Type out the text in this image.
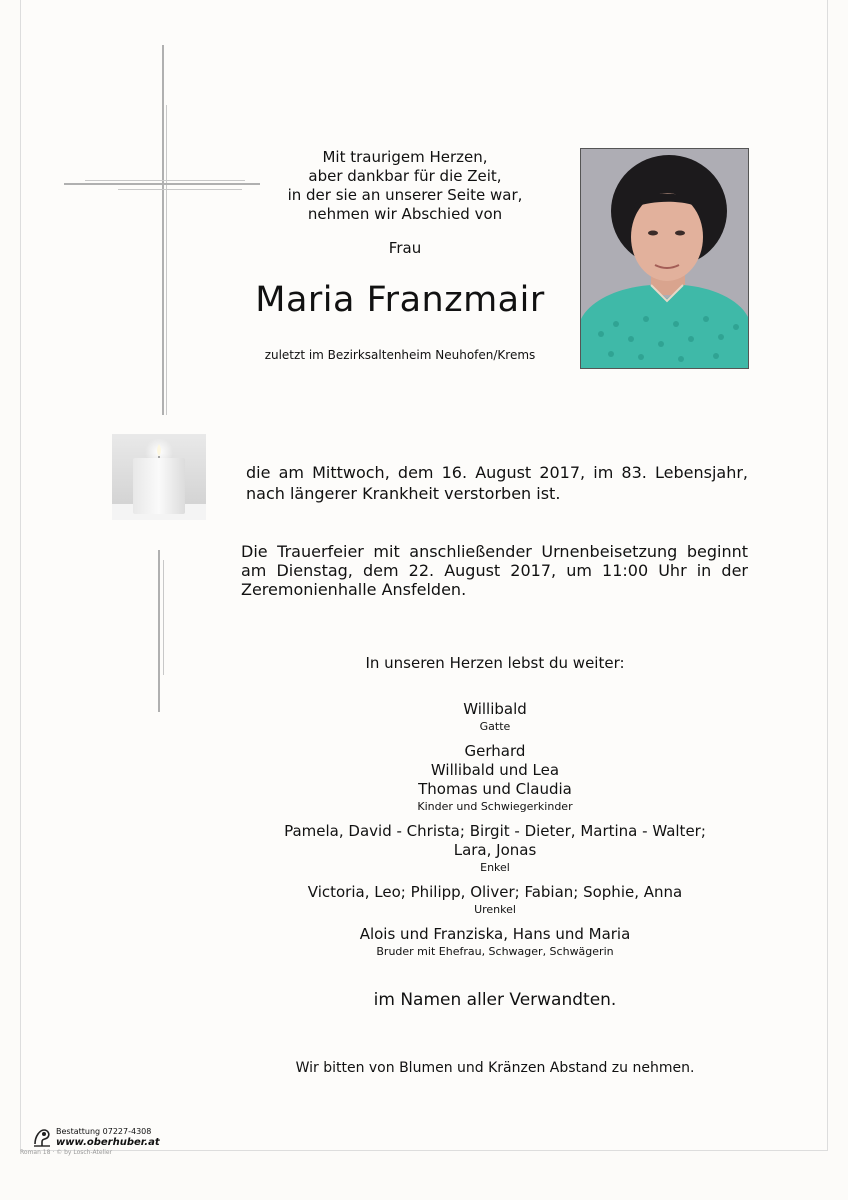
Mit traurigem Herzen,
aber dankbar für die Zeit,
in der sie an unserer Seite war,
nehmen wir Abschied von
Frau
Maria Franzmair
zuletzt im Bezirksaltenheim Neuhofen/Krems
die am Mittwoch, dem 16. August 2017, im 83. Lebensjahr, nach längerer Krankheit verstorben ist.
Die Trauerfeier mit anschließender Urnenbeisetzung beginnt am Dienstag, dem 22. August 2017, um 11:00 Uhr in der Zeremonienhalle Ansfelden.
In unseren Herzen lebst du weiter:
Willibald
Gatte
Gerhard
Willibald und Lea
Thomas und Claudia
Kinder und Schwiegerkinder
Pamela, David - Christa; Birgit - Dieter, Martina - Walter;
Lara, Jonas
Enkel
Victoria, Leo; Philipp, Oliver; Fabian; Sophie, Anna
Urenkel
Alois und Franziska, Hans und Maria
Bruder mit Ehefrau, Schwager, Schwägerin
im Namen aller Verwandten.
Wir bitten von Blumen und Kränzen Abstand zu nehmen.
Bestattung 07227-4308
www.oberhuber.at
Roman 18 · © by Losch-Atelier
